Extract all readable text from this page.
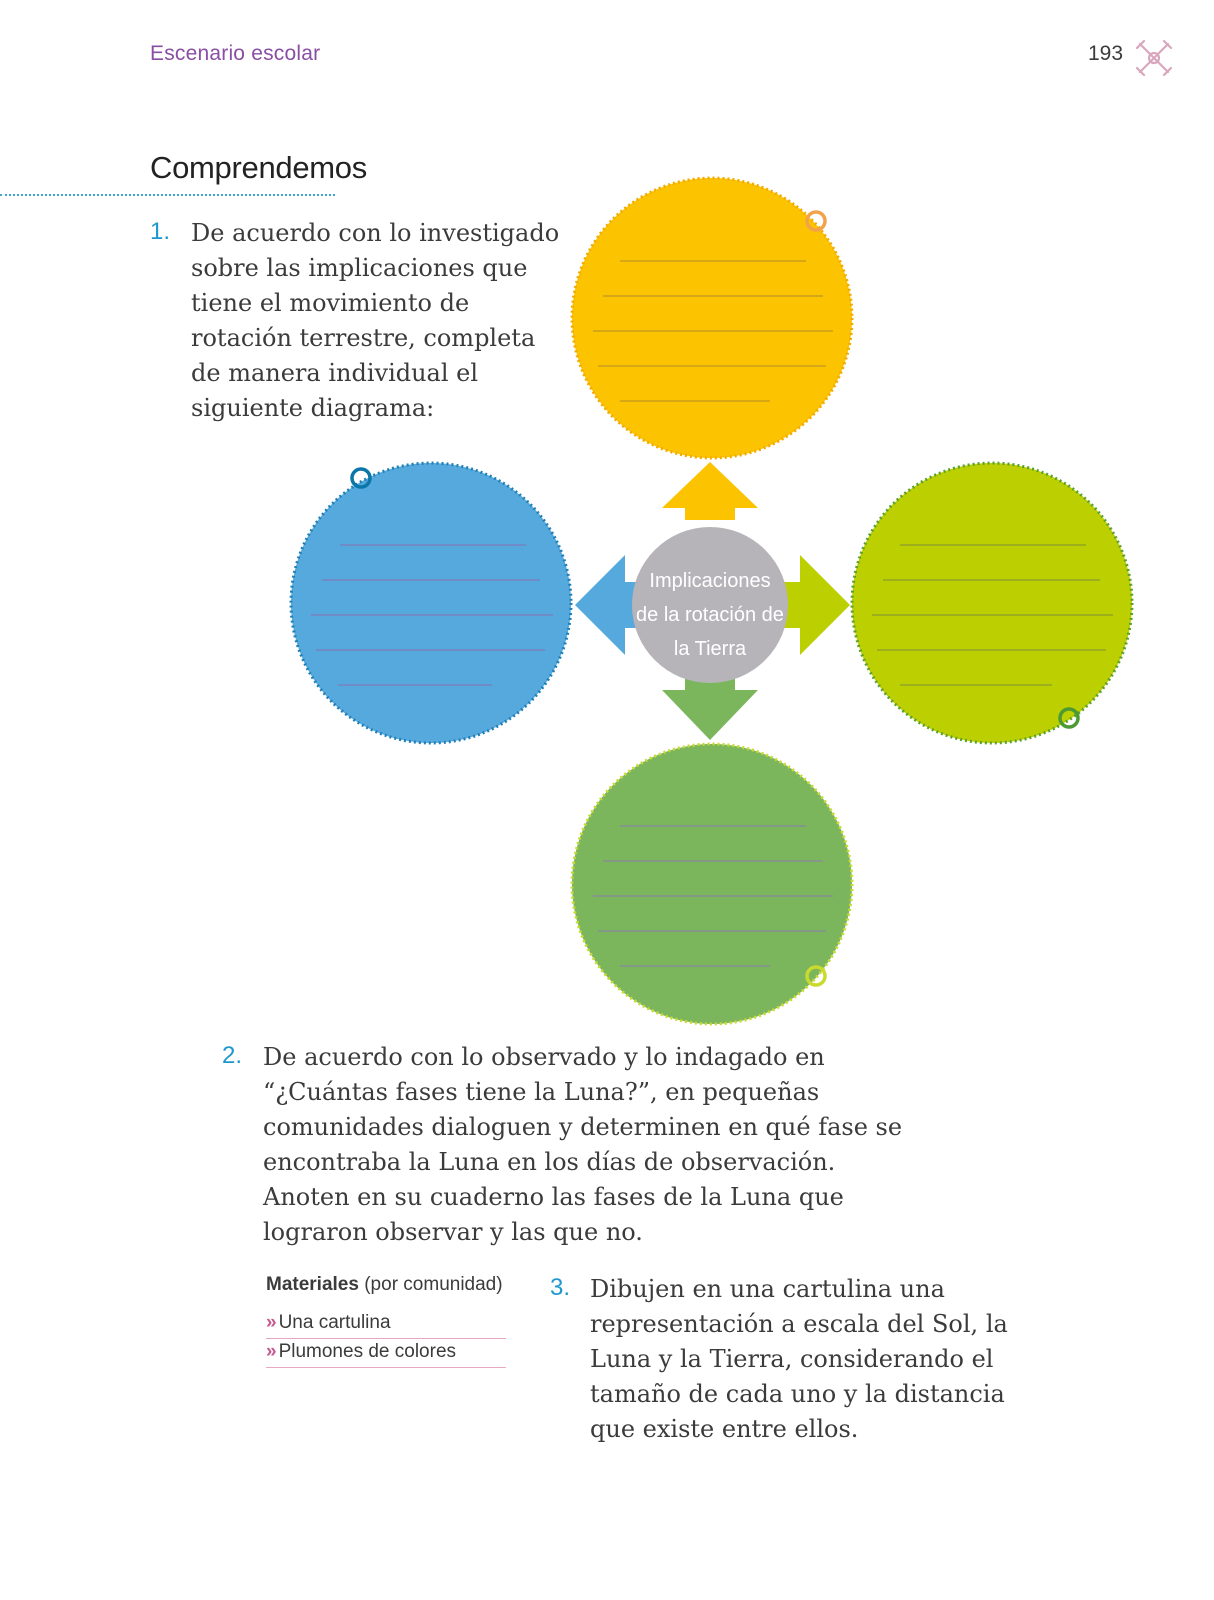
Escenario escolar	193
Comprendemos
1. De acuerdo con lo investigado sobre las implicaciones que tiene el movimiento de rotación terrestre, completa de manera individual el siguiente diagrama:

Implicaciones
de la rotación de
la Tierra
2. De acuerdo con lo observado y lo indagado en “¿Cuántas fases tiene la Luna?”, en pequeñas comunidades dialoguen y determinen en qué fase se encontraba la Luna en los días de observación. Anoten en su cuaderno las fases de la Luna que lograron observar y las que no.

Materiales (por comunidad)
» Una cartulina
» Plumones de colores
3. Dibujen en una cartulina una representación a escala del Sol, la Luna y la Tierra, considerando el tamaño de cada uno y la distancia que existe entre ellos.
